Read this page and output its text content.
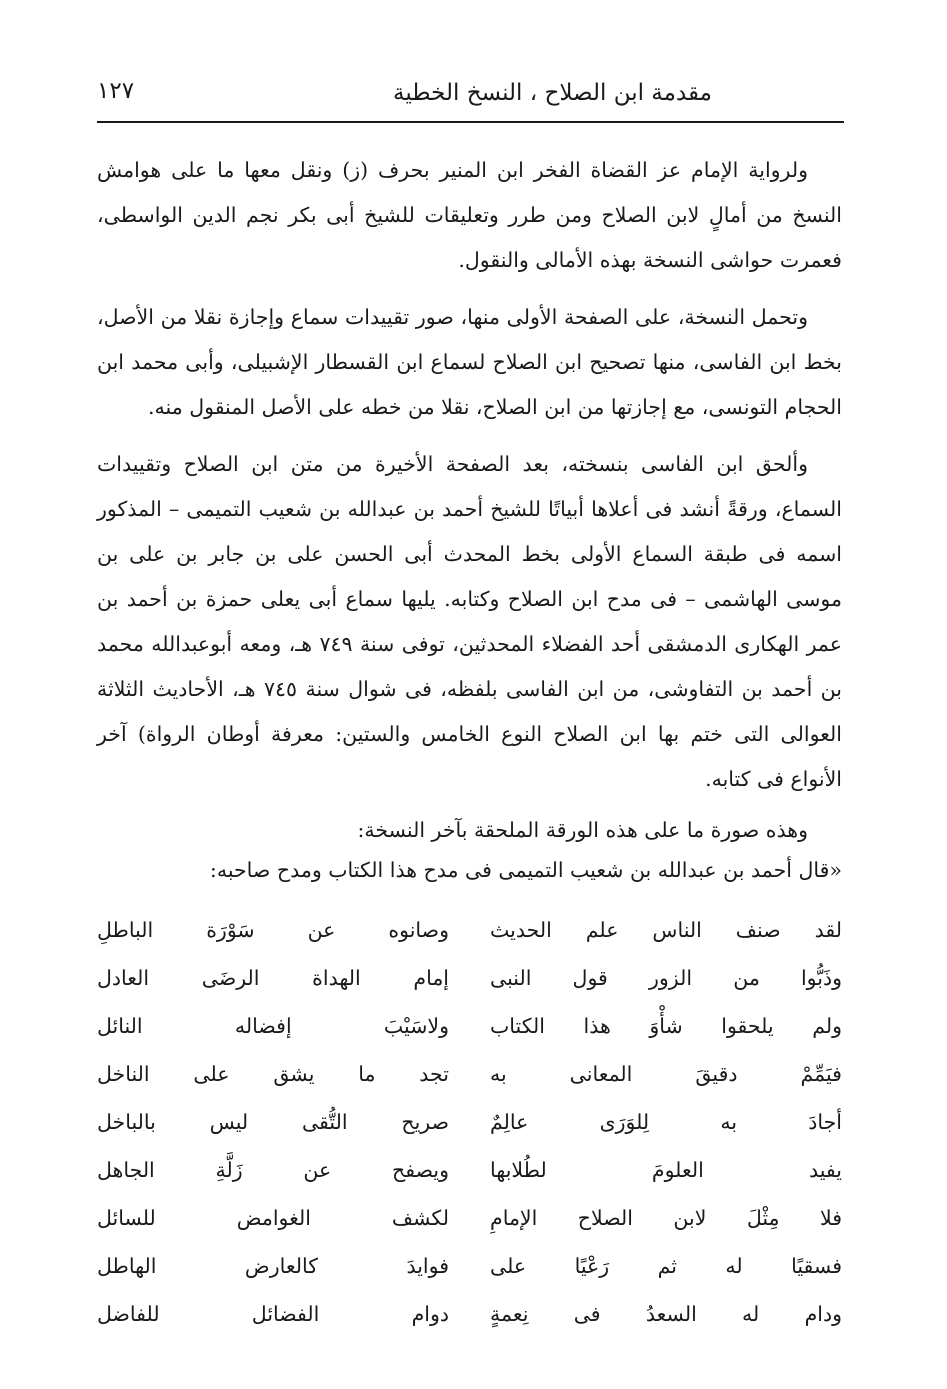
مقدمة ابن الصلاح ، النسخ الخطية
١٢٧

ولرواية الإمام عز القضاة الفخر ابن المنير بحرف (ز) ونقل معها ما على هوامش النسخ من أمالٍ لابن الصلاح ومن طرر وتعليقات للشيخ أبى بكر نجم الدين الواسطى، فعمرت حواشى النسخة بهذه الأمالى والنقول.

وتحمل النسخة، على الصفحة الأولى منها، صور تقييدات سماع وإجازة نقلا من الأصل، بخط ابن الفاسى، منها تصحيح ابن الصلاح لسماع ابن القسطار الإشبيلى، وأبى محمد ابن الحجام التونسى، مع إجازتها من ابن الصلاح، نقلا من خطه على الأصل المنقول منه.

وألحق ابن الفاسى بنسخته، بعد الصفحة الأخيرة من متن ابن الصلاح وتقييدات السماع، ورقةً أنشد فى أعلاها أبياتًا للشيخ أحمد بن عبدالله بن شعيب التميمى – المذكور اسمه فى طبقة السماع الأولى بخط المحدث أبى الحسن على بن جابر بن على بن موسى الهاشمى – فى مدح ابن الصلاح وكتابه. يليها سماع أبى يعلى حمزة بن أحمد بن عمر الهكارى الدمشقى أحد الفضلاء المحدثين، توفى سنة ٧٤٩ هـ، ومعه أبوعبدالله محمد بن أحمد بن التفاوشى، من ابن الفاسى بلفظه، فى شوال سنة ٧٤٥ هـ، الأحاديث الثلاثة العوالى التى ختم بها ابن الصلاح النوع الخامس والستين: معرفة أوطان الرواة) آخر الأنواع فى كتابه.

وهذه صورة ما على هذه الورقة الملحقة بآخر النسخة:

«قال أحمد بن عبدالله بن شعيب التميمى فى مدح هذا الكتاب ومدح صاحبه:

لقد صنف الناس علم الحديث
وصانوه عن سَوْرَة الباطلِ
وذَبُّوا من الزور قول النبى
إمام الهداة الرضَى العادل
ولم يلحقوا شأْوَ هذا الكتاب
ولاسَيْبَ إفضاله النائل
فيَمِّمْ دقيقَ المعانى به
تجد ما يشق على الناخل
أجادَ به لِلوَرَى عالِمٌ
صريح التُّقى ليس بالباخل
يفيد العلومَ لطُلابها
ويصفح عن زَلَّةِ الجاهل
فلا مِثْلَ لابن الصلاح الإمامِ
لكشف الغوامض للسائل
فسقيًا له ثم رَعْيًا على
فوايدَ كالعارض الهاطل
ودام له السعدُ فى نِعمةٍ
دوام الفضائل للفاضل
